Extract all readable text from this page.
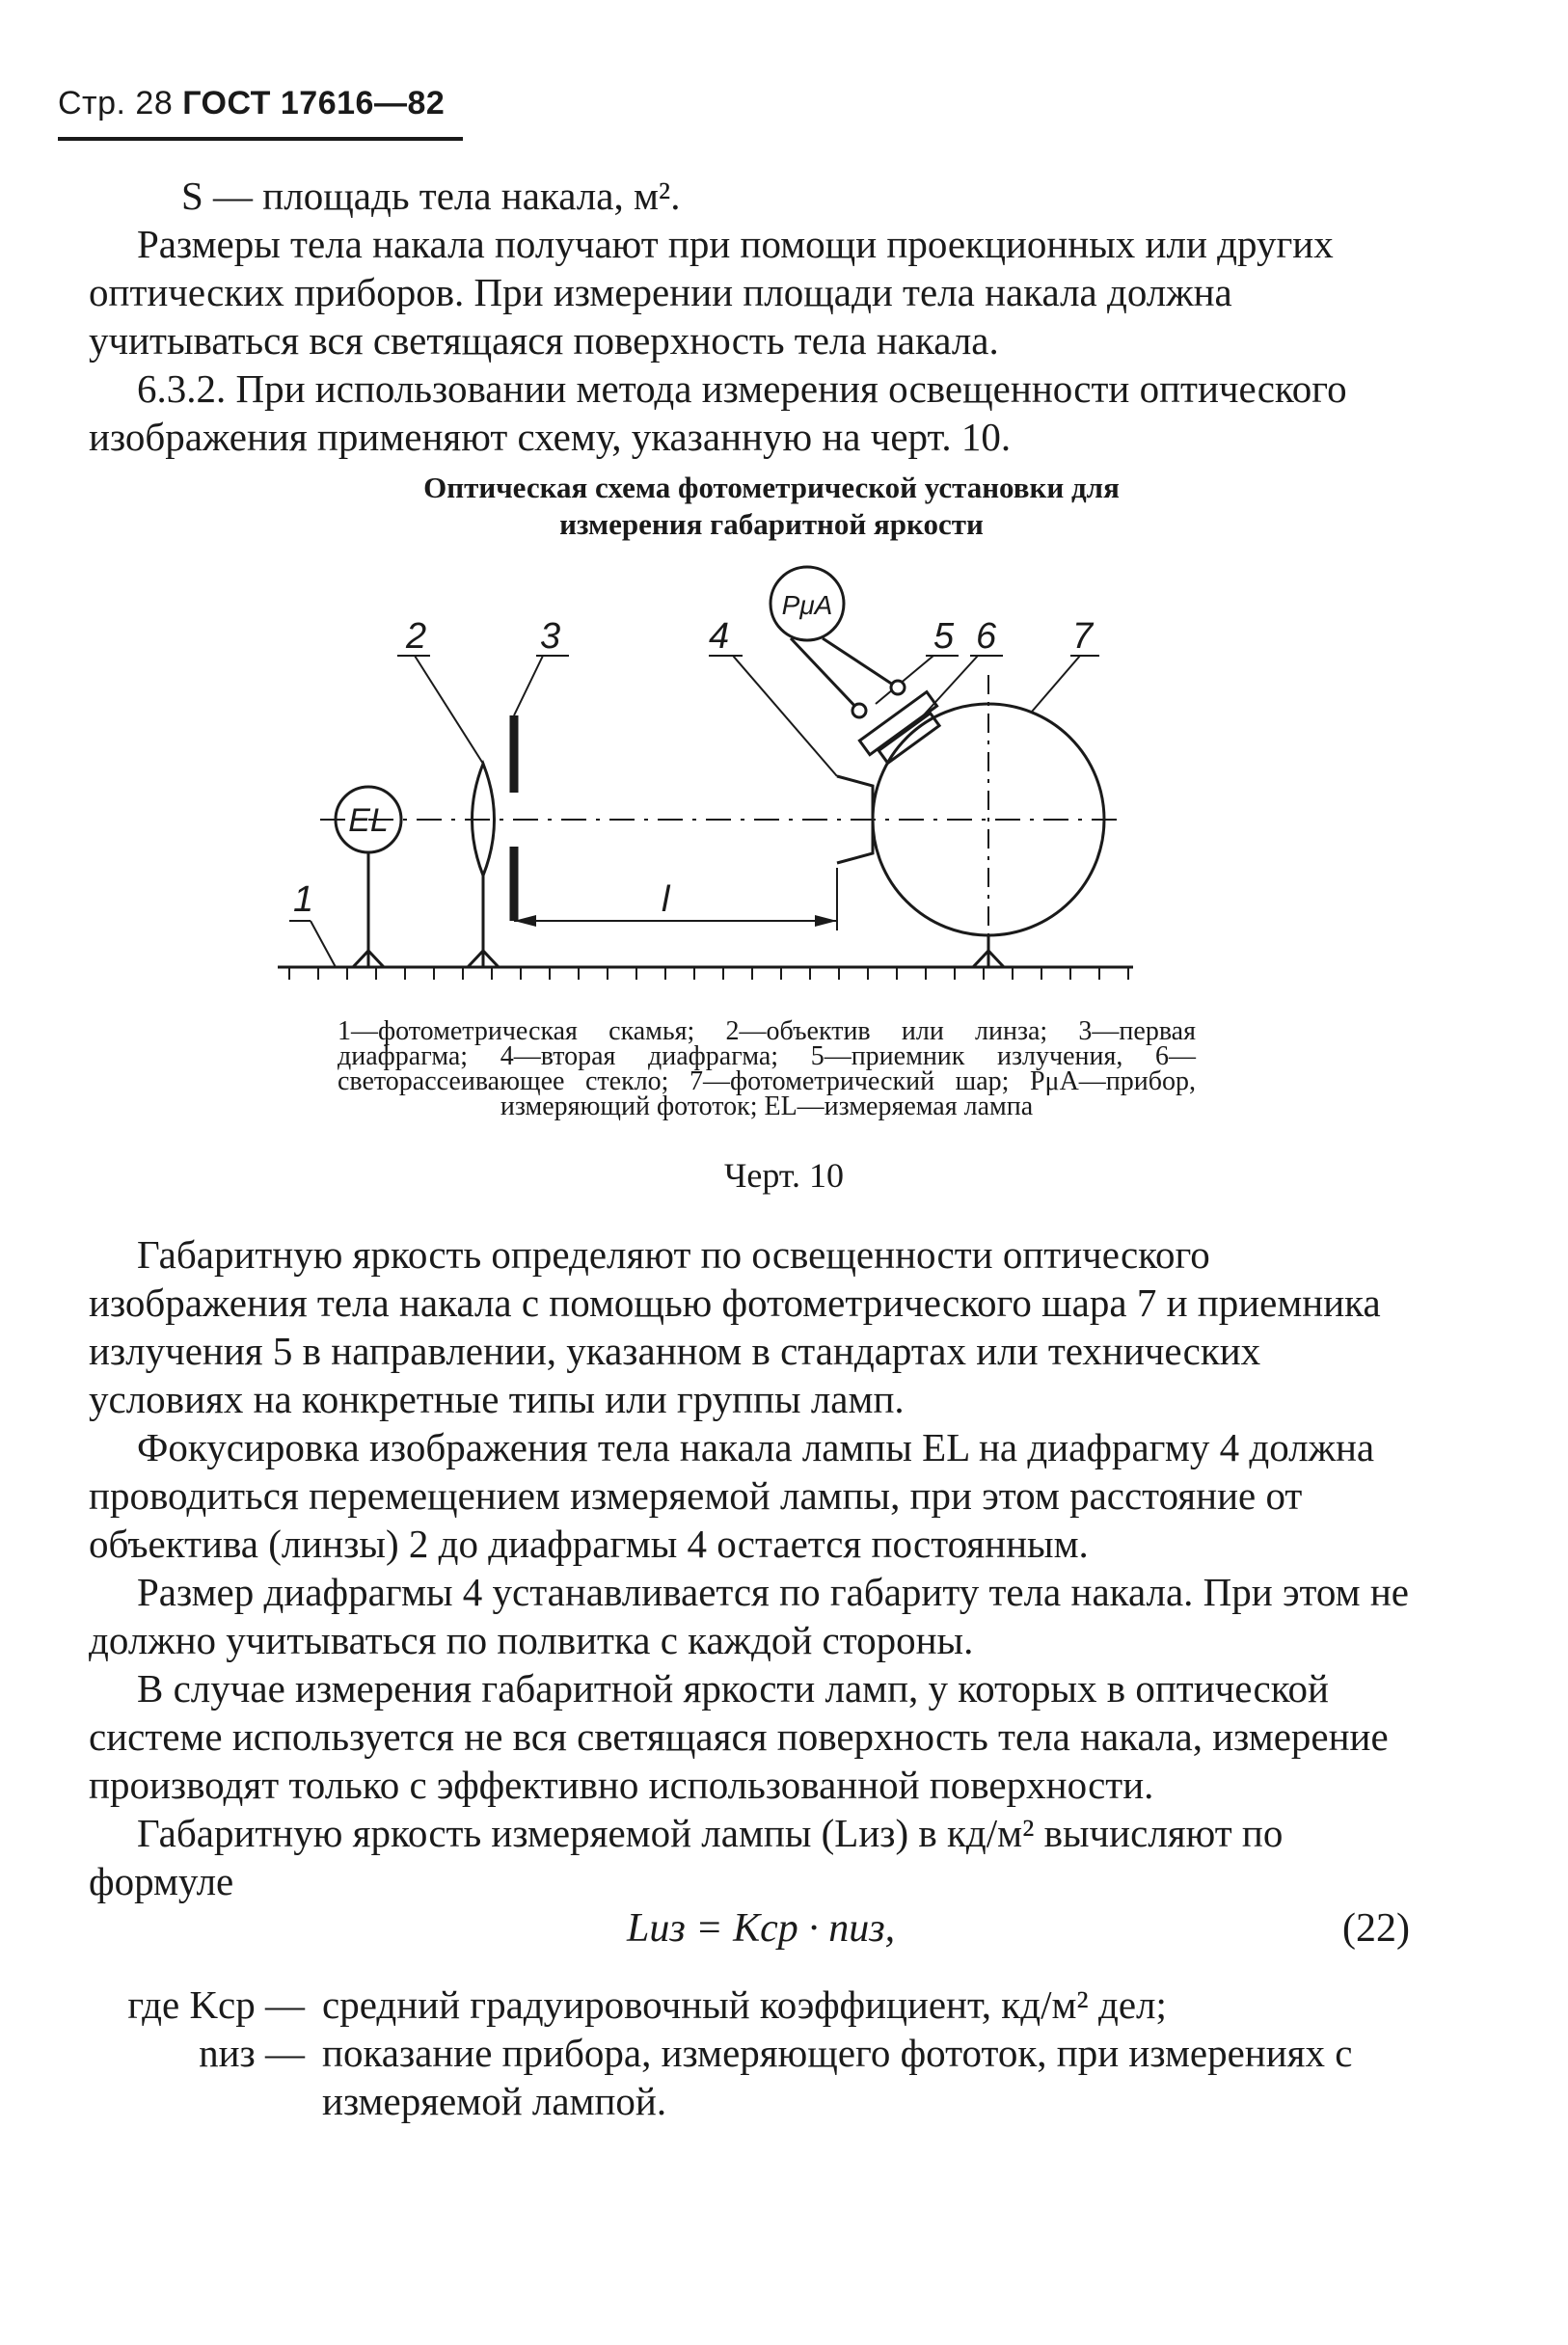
Стр. 28 ГОСТ 17616—82

S — площадь тела накала, м².

Размеры тела накала получают при помощи проекционных или других оптических приборов. При измерении площади тела накала должна учитываться вся светящаяся поверхность тела накала.

6.3.2. При использовании метода измерения освещенности оптического изображения применяют схему, указанную на черт. 10.

Оптическая схема фотометрической установки для
измерения габаритной яркости
2	3	4	5 6 7
1	l
EL
PμA
1—фотометрическая скамья; 2—объектив или линза; 3—первая диафрагма; 4—вторая диафрагма; 5—приемник излучения, 6—светорассеивающее стекло; 7—фотометрический шар; PμA—прибор, измеряющий фототок; EL—измеряемая лампа
Черт. 10

Габаритную яркость определяют по освещенности оптического изображения тела накала с помощью фотометрического шара 7 и приемника излучения 5 в направлении, указанном в стандартах или технических условиях на конкретные типы или группы ламп.

Фокусировка изображения тела накала лампы EL на диафрагму 4 должна проводиться перемещением измеряемой лампы, при этом расстояние от объектива (линзы) 2 до диафрагмы 4 остается постоянным.

Размер диафрагмы 4 устанавливается по габариту тела накала. При этом не должно учитываться по полвитка с каждой стороны.

В случае измерения габаритной яркости ламп, у которых в оптической системе используется не вся светящаяся поверхность тела накала, измерение производят только с эффективно использованной поверхности.

Габаритную яркость измеряемой лампы (Lиз) в кд/м² вычисляют по формуле

Lиз = Kср · nиз,	(22)
где Kср — средний градуировочный коэффициент, кд/м² дел;
nиз — показание прибора, измеряющего фототок, при измерениях с измеряемой лампой.
